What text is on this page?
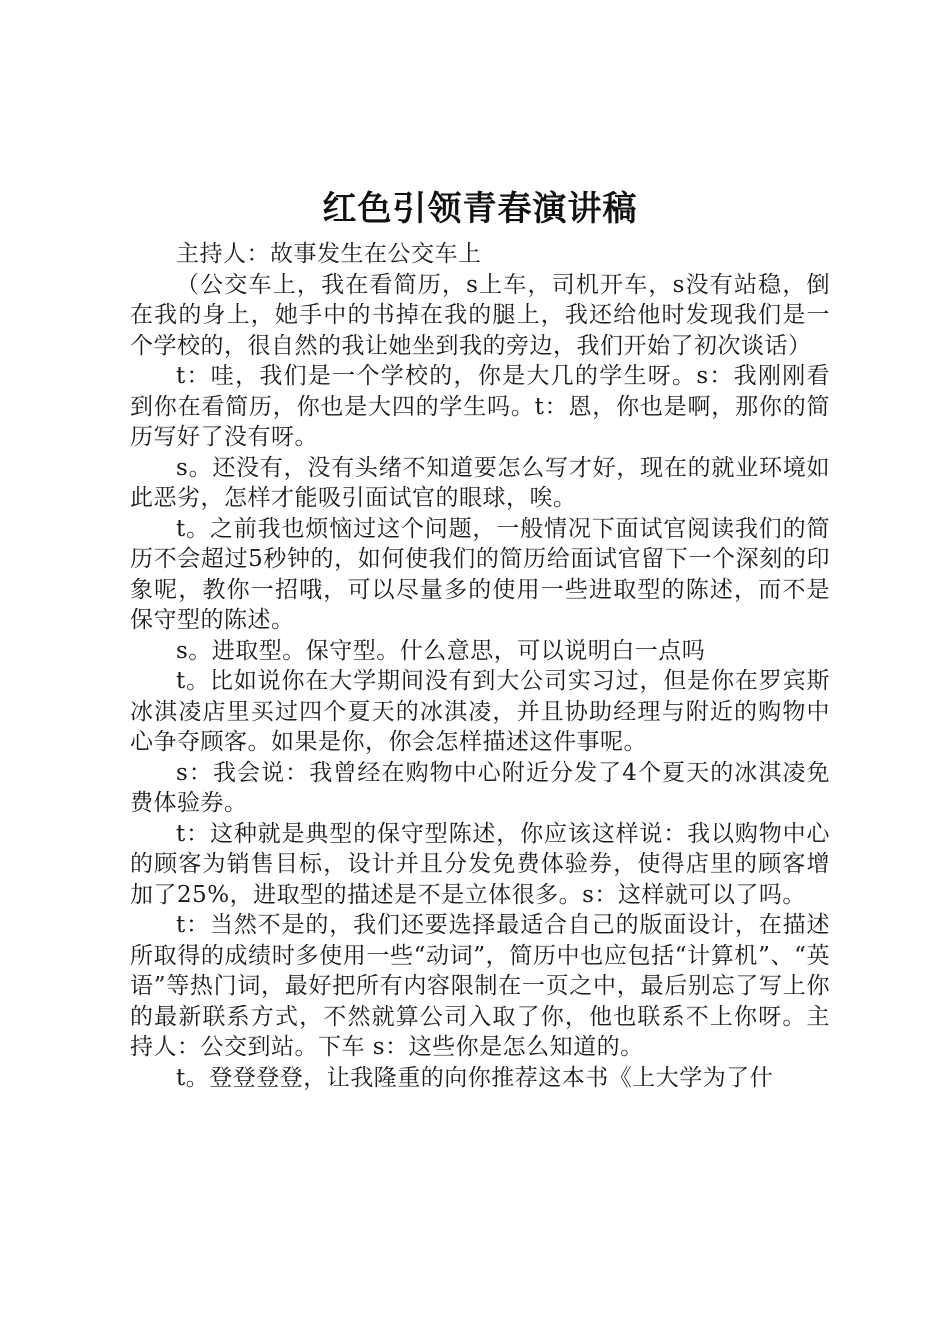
红色引领青春演讲稿

主持人：故事发生在公交车上

（公交车上，我在看简历，s上车，司机开车，s没有站稳，倒在我的身上，她手中的书掉在我的腿上，我还给他时发现我们是一个学校的，很自然的我让她坐到我的旁边，我们开始了初次谈话）

t：哇，我们是一个学校的，你是大几的学生呀。s：我刚刚看到你在看简历，你也是大四的学生吗。t：恩，你也是啊，那你的简历写好了没有呀。

s。还没有，没有头绪不知道要怎么写才好，现在的就业环境如此恶劣，怎样才能吸引面试官的眼球，唉。

t。之前我也烦恼过这个问题，一般情况下面试官阅读我们的简历不会超过5秒钟的，如何使我们的简历给面试官留下一个深刻的印象呢，教你一招哦，可以尽量多的使用一些进取型的陈述，而不是保守型的陈述。

s。进取型。保守型。什么意思，可以说明白一点吗

t。比如说你在大学期间没有到大公司实习过，但是你在罗宾斯冰淇凌店里买过四个夏天的冰淇凌，并且协助经理与附近的购物中心争夺顾客。如果是你，你会怎样描述这件事呢。

s：我会说：我曾经在购物中心附近分发了4个夏天的冰淇凌免费体验券。

t：这种就是典型的保守型陈述，你应该这样说：我以购物中心的顾客为销售目标，设计并且分发免费体验券，使得店里的顾客增加了25%，进取型的描述是不是立体很多。s：这样就可以了吗。

t：当然不是的，我们还要选择最适合自己的版面设计，在描述所取得的成绩时多使用一些“动词”，简历中也应包括“计算机”、“英语”等热门词，最好把所有内容限制在一页之中，最后别忘了写上你的最新联系方式，不然就算公司入取了你，他也联系不上你呀。主持人：公交到站。下车 s：这些你是怎么知道的。

t。登登登登，让我隆重的向你推荐这本书《上大学为了什
